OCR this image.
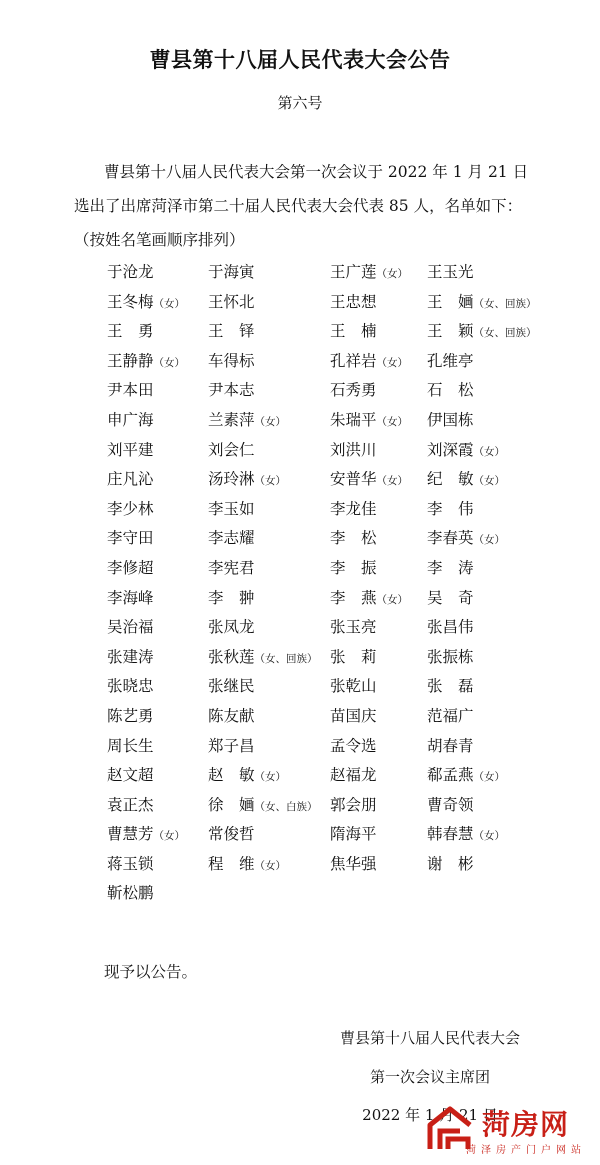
曹县第十八届人民代表大会公告
第六号
曹县第十八届人民代表大会第一次会议于 2022 年 1 月 21 日
选出了出席菏泽市第二十届人民代表大会代表 85 人，名单如下：
（按姓名笔画顺序排列）
于沧龙	于海寅	王广莲（女） 王玉光
王冬梅（女） 王怀北	王忠想	王　婳（女、回族）
王　勇	王　铎	王　楠	王　颖（女、回族）
王静静（女） 车得标	孔祥岩（女） 孔维亭
尹本田	尹本志	石秀勇	石　松
申广海	兰素萍（女）	朱瑞平（女） 伊国栋
刘平建	刘会仁	刘洪川	刘深霞（女）
庄凡沁	汤玲淋（女）	安普华（女） 纪　敏（女）
李少林	李玉如	李龙佳	李　伟
李守田	李志耀	李　松	李春英（女）
李修超	李宪君	李　振	李　涛
李海峰	李　翀	李　燕（女） 吴　奇
吴治福	张凤龙	张玉亮	张昌伟
张建涛	张秋莲（女、回族） 张　莉	张振栋
张晓忠	张继民	张乾山	张　磊
陈艺勇	陈友献	苗国庆	范福广
周长生	郑子昌	孟令选	胡春青
赵文超	赵　敏（女）	赵福龙	郗孟燕（女）
袁正杰	徐　婳（女、白族） 郭会朋	曹奇领
曹慧芳（女） 常俊哲	隋海平	韩春慧（女）
蒋玉锁	程　维（女）	焦华强	谢　彬
靳松鹏
现予以公告。
曹县第十八届人民代表大会
第一次会议主席团
2022 年 1 月 21 日
菏房网
菏泽房产门户网站
